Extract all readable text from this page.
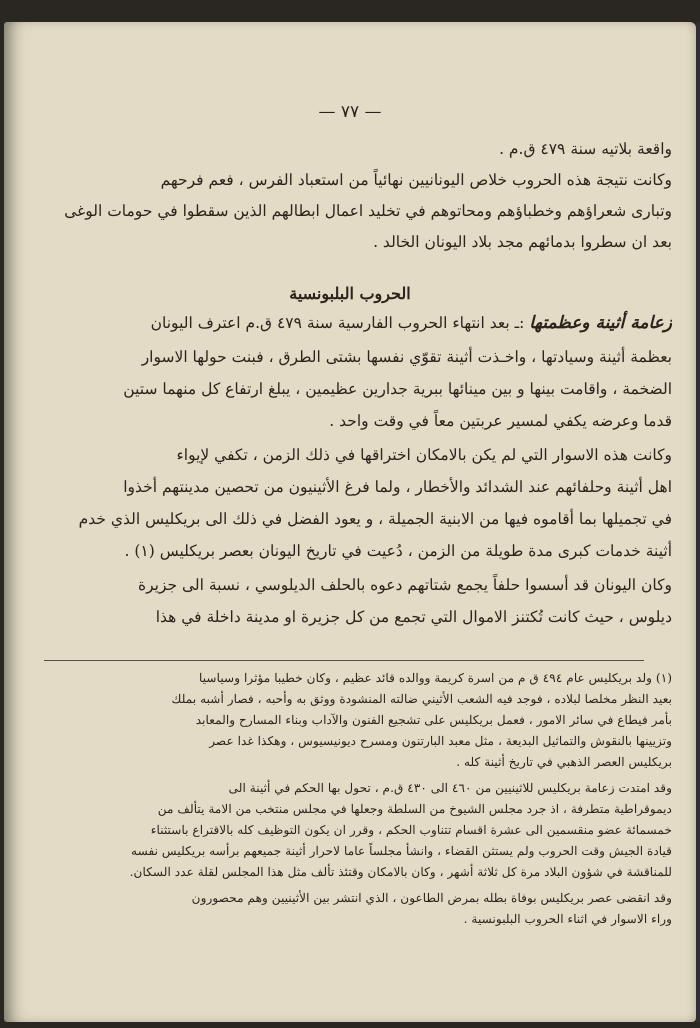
— ٧٧ —
واقعة بلاتيه سنة ٤٧٩ ق.م .
وكانت نتيجة هذه الحروب خلاص اليونانيين نهائياً من استعباد الفرس ، فعم فرحهم
وتبارى شعراؤهم وخطباؤهم ومحاتوهم في تخليد اعمال ابطالهم الذين سقطوا في حومات الوغى
بعد ان سطروا بدمائهم مجد بلاد اليونان الخالد .
الحروب البلبونسية
زعامة أثينة وعظمتها :ـ بعد انتهاء الحروب الفارسية سنة ٤٧٩ ق.م اعترف اليونان
بعظمة أثينة وسيادتها ، واخـذت أثينة تقوّي نفسها بشتى الطرق ، فبنت حولها الاسوار
الضخمة ، واقامت بينها و بين مينائها ببرية جدارين عظيمين ، يبلغ ارتفاع كل منهما ستين
قدما وعرضه يكفي لمسير عربتين معاً في وقت واحد .
وكانت هذه الاسوار التي لم يكن بالامكان اختراقها في ذلك الزمن ، تكفي لإيواء
اهل أثينة وحلفائهم عند الشدائد والأخطار ، ولما فرغ الأثينيون من تحصين مدينتهم أخذوا
في تجميلها بما أقاموه فيها من الابنية الجميلة ، و يعود الفضل في ذلك الى بريكليس الذي خدم
أثينة خدمات كبرى مدة طويلة من الزمن ، دُعيت في تاريخ اليونان بعصر بريكليس (١) .
وكان اليونان قد أسسوا حلفاً يجمع شتاتهم دعوه بالحلف الديلوسي ، نسبة الى جزيرة
ديلوس ، حيث كانت تُكتنز الاموال التي تجمع من كل جزيرة او مدينة داخلة في هذا
(١) ولد بريكليس عام ٤٩٤ ق م من اسرة كريمة ووالده قائد عظيم ، وكان خطيبا مؤثرا وسياسيا
بعيد النظر مخلصا لبلاده ، فوجد فيه الشعب الأثيني ضالته المنشودة ووثق به وأحبه ، فصار أشبه بملك
بأمر فيطاع في سائر الامور ، فعمل بريكليس على تشجيع الفنون والآداب وبناء المسارح والمعابد
وتزيينها بالنقوش والتماثيل البديعة ، مثل معبد البارتنون ومسرح ديونيسيوس ، وهكذا غدا عصر
بريكليس العصر الذهبي في تاريخ أثينة كله .
وقد امتدت زعامة بريكليس للاثينيين من ٤٦٠ الى ٤٣٠ ق.م ، تحول بها الحكم في أثينة الى
ديموقراطية متطرفة ، اذ جرد مجلس الشيوخ من السلطة وجعلها في مجلس منتخب من الامة يتألف من
خمسمائة عضو منقسمين الى عشرة اقسام تتناوب الحكم ، وقرر ان يكون التوظيف كله بالاقتراع باستثناء
قيادة الجيش وقت الحروب ولم يستثن القضاء ، وانشأ مجلساً عاما لاحرار أثينة جميعهم برأسه بريكليس نفسه
للمناقشة في شؤون البلاد مرة كل ثلاثة أشهر ، وكان بالامكان وقتئذ تألف مثل هذا المجلس لقلة عدد السكان.
وقد انقضى عصر بريكليس بوفاة بطله بمرض الطاعون ، الذي انتشر بين الأثينيين وهم محصورون
وراء الاسوار في اثناء الحروب البلبونسية .
